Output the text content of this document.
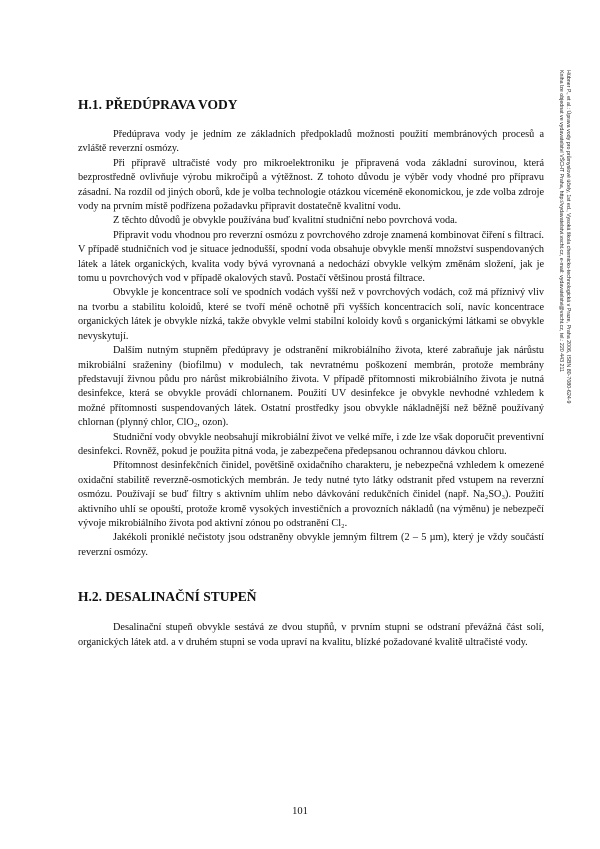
Hübner P., et al.: Úprava vody pro průmyslové účely, 1st ed., Vysoká škola chemicko-technologická v Praze, Praha 2006, ISBN 80-7080-624-9
Kniha lze objednat ve vydavatelství VŠCHT Praha, http://vydavatelstvi.vscht.cz, e-mail: vydavatelstvi@vscht.cz, tel.: 220 443 211
H.1. PŘEDÚPRAVA VODY

Předúprava vody je jedním ze základních předpokladů možnosti použití membránových procesů a zvláště reverzní osmózy.

Při přípravě ultračisté vody pro mikroelektroniku je připravená voda základní surovinou, která bezprostředně ovlivňuje výrobu mikročipů a výtěžnost. Z tohoto důvodu je výběr vody vhodné pro přípravu zásadní. Na rozdíl od jiných oborů, kde je volba technologie otázkou víceméně ekonomickou, je zde volba zdroje vody na prvním místě podřízena požadavku připravit dostatečně kvalitní vodu.

Z těchto důvodů je obvykle používána buď kvalitní studniční nebo povrchová voda.

Připravit vodu vhodnou pro reverzní osmózu z povrchového zdroje znamená kombinovat čiření s filtrací. V případě studničních vod je situace jednodušší, spodní voda obsahuje obvykle menší množství suspendovaných látek a látek organických, kvalita vody bývá vyrovnaná a nedochází obvykle velkým změnám složení, jak je tomu u povrchových vod v případě okalových stavů. Postačí většinou prostá filtrace.

Obvykle je koncentrace solí ve spodních vodách vyšší než v povrchových vodách, což má příznivý vliv na tvorbu a stabilitu koloidů, které se tvoří méně ochotně při vyšších koncentracích solí, navíc koncentrace organických látek je obvykle nízká, takže obvykle velmi stabilní koloidy kovů s organickými látkami se obvykle nevyskytují.

Dalším nutným stupněm předúpravy je odstranění mikrobiálního života, které zabraňuje jak nárůstu mikrobiální sraženiny (biofilmu) v modulech, tak nevratnému poškození membrán, protože membrány představují živnou půdu pro nárůst mikrobiálního života. V případě přítomnosti mikrobiálního života je nutná desinfekce, která se obvykle provádí chlornanem. Použití UV desinfekce je obvykle nevhodné vzhledem k možné přítomnosti suspendovaných látek. Ostatní prostředky jsou obvykle nákladnější než běžně používaný chlornan (plynný chlor, ClO₂, ozon).

Studniční vody obvykle neobsahují mikrobiální život ve velké míře, i zde lze však doporučit preventivní desinfekci. Rovněž, pokud je použita pitná voda, je zabezpečena předepsanou ochrannou dávkou chloru.

Přítomnost desinfekčních činidel, povětšině oxidačního charakteru, je nebezpečná vzhledem k omezené oxidační stabilitě reverzně-osmotických membrán. Je tedy nutné tyto látky odstranit před vstupem na reverzní osmózu. Používají se buď filtry s aktivním uhlím nebo dávkování redukčních činidel (např. Na₂SO₃). Použití aktivního uhlí se opouští, protože kromě vysokých investičních a provozních nákladů (na výměnu) je nebezpečí vývoje mikrobiálního života pod aktivní zónou po odstranění Cl₂.

Jakékoli proniklé nečistoty jsou odstraněny obvykle jemným filtrem (2 – 5 µm), který je vždy součástí reverzní osmózy.

H.2. DESALINAČNÍ STUPEŇ

Desalinační stupeň obvykle sestává ze dvou stupňů, v prvním stupni se odstraní převážná část solí, organických látek atd. a v druhém stupni se voda upraví na kvalitu, blízké požadované kvalitě ultračisté vody.

101
